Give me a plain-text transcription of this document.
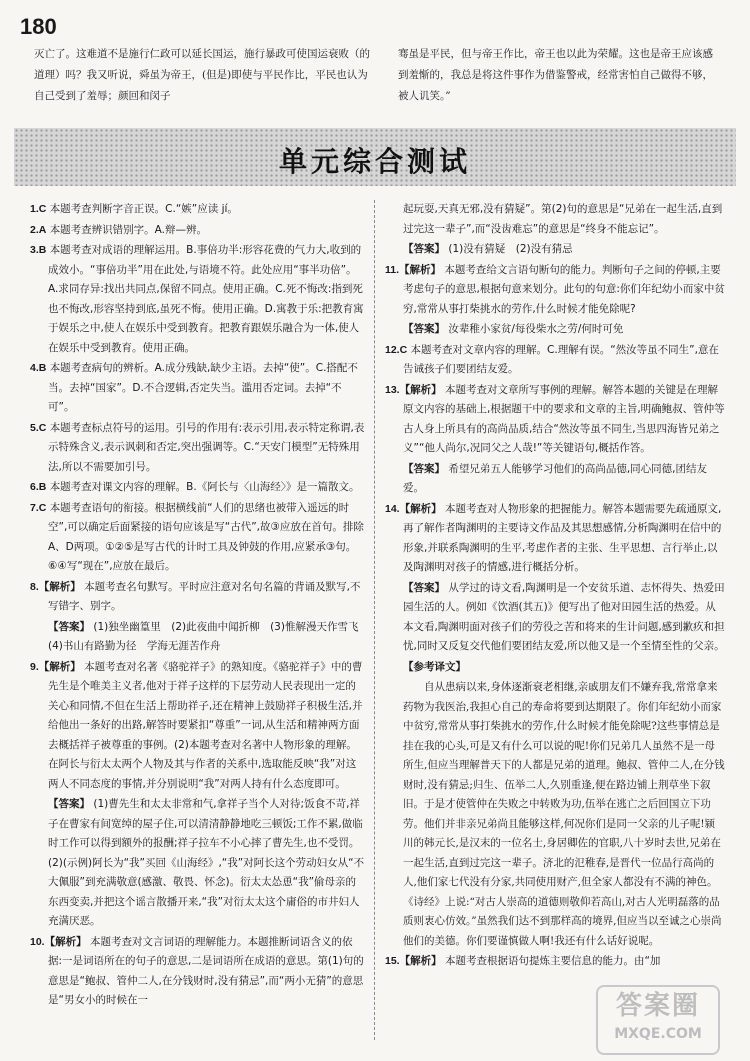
180
灭亡了。这难道不是施行仁政可以延长国运，施行暴政可使国运衰败（的道理）吗？我又听说，舜虽为帝王，(但是)即使与平民作比，平民也认为自己受到了羞辱；颜回和闵子
骞虽是平民，但与帝王作比，帝王也以此为荣耀。这也是帝王应该感到羞惭的，我总是将这件事作为借鉴警戒，经常害怕自己做得不够，被人讥笑。”
单元综合测试
1.C 本题考查判断字音正误。C.“嫉”应读 jí。
2.A 本题考查辨识错别字。A.辩—辨。
3.B 本题考查对成语的理解运用。B.事倍功半:形容花费的气力大,收到的成效小。“事倍功半”用在此处,与语境不符。此处应用“事半功倍”。A.求同存异:找出共同点,保留不同点。使用正确。C.死不悔改:指到死也不悔改,形容坚持到底,虽死不悔。使用正确。D.寓教于乐:把教育寓于娱乐之中,使人在娱乐中受到教育。把教育跟娱乐融合为一体,使人在娱乐中受到教育。使用正确。
4.B 本题考查病句的辨析。A.成分残缺,缺少主语。去掉“使”。C.搭配不当。去掉“国家”。D.不合逻辑,否定失当。滥用否定词。去掉“不可”。
5.C 本题考查标点符号的运用。引号的作用有:表示引用,表示特定称谓,表示特殊含义,表示讽刺和否定,突出强调等。C.“天安门模型”无特殊用法,所以不需要加引号。
6.B 本题考查对课文内容的理解。B.《阿长与〈山海经〉》是一篇散文。
7.C 本题考查语句的衔接。根据横线前“人们的思绪也被带入遥远的时空”,可以确定后面紧接的语句应该是写“古代”,故③应放在首句。排除A、D两项。①②⑤是写古代的计时工具及钟鼓的作用,应紧承③句。⑥④写“现在”,应放在最后。
8.【解析】 本题考查名句默写。平时应注意对名句名篇的背诵及默写,不写错字、别字。
【答案】 (1)独坐幽篁里　(2)此夜曲中闻折柳　(3)惟解漫天作雪飞　(4)书山有路勤为径　学海无涯苦作舟
9.【解析】 本题考查对名著《骆驼祥子》的熟知度。《骆驼祥子》中的曹先生是个唯美主义者,他对于祥子这样的下层劳动人民表现出一定的关心和同情,不但在生活上帮助祥子,还在精神上鼓励祥子积极生活,并给他出一条好的出路,解答时要紧扣“尊重”一词,从生活和精神两方面去概括祥子被尊重的事例。(2)本题考查对名著中人物形象的理解。在阿长与衍太太两个人物及其与作者的关系中,选取能反映“我”对这两人不同态度的事情,并分别说明“我”对两人持有什么态度即可。
【答案】 (1)曹先生和太太非常和气,拿祥子当个人对待;饭食不苛,祥子在曹家有间宽绰的屋子住,可以清清静静地吃三顿饭;工作不累,做临时工作可以得到额外的报酬;祥子拉车不小心摔了曹先生,也不受罚。(2)(示例)阿长为“我”买回《山海经》,“我”对阿长这个劳动妇女从“不大佩服”到充满敬意(感激、敬畏、怀念)。衍太太怂恿“我”偷母亲的东西变卖,并把这个谣言散播开来,“我”对衍太太这个庸俗的市井妇人充满厌恶。
10.【解析】 本题考查对文言词语的理解能力。本题推断词语含义的依据:一是词语所在的句子的意思,二是词语所在成语的意思。第(1)句的意思是“鲍叔、管仲二人,在分钱财时,没有猜忌”,而“两小无猜”的意思是“男女小的时候在一
起玩耍,天真无邪,没有猜疑”。第(2)句的意思是“兄弟在一起生活,直到过完这一辈子”,而“没齿难忘”的意思是“终身不能忘记”。
【答案】 (1)没有猜疑　(2)没有猜忌
11.【解析】 本题考查给文言语句断句的能力。判断句子之间的停顿,主要考虑句子的意思,根据句意来划分。此句的句意:你们年纪幼小而家中贫穷,常常从事打柴挑水的劳作,什么时候才能免除呢?
【答案】 汝辈稚小家贫/每役柴水之劳/何时可免
12.C 本题考查对文章内容的理解。C.理解有误。“然汝等虽不同生”,意在告诫孩子们要团结友爱。
13.【解析】 本题考查对文章所写事例的理解。解答本题的关键是在理解原文内容的基础上,根据题干中的要求和文章的主旨,明确鲍叔、管仲等古人身上所具有的高尚品质,结合“然汝等虽不同生,当思四海皆兄弟之义”“他人尚尔,况同父之人哉!”等关键语句,概括作答。
【答案】 希望兄弟五人能够学习他们的高尚品德,同心同德,团结友爱。
14.【解析】 本题考查对人物形象的把握能力。解答本题需要先疏通原文,再了解作者陶渊明的主要诗文作品及其思想感情,分析陶渊明在信中的形象,并联系陶渊明的生平,考虑作者的主张、生平思想、言行举止,以及陶渊明对孩子的情感,进行概括分析。
【答案】 从学过的诗文看,陶渊明是一个安贫乐道、志怀得失、热爱田园生活的人。例如《饮酒(其五)》便写出了他对田园生活的热爱。从本文看,陶渊明面对孩子们的劳役之苦和将来的生计问题,感到歉疚和担忧,同时又反复交代他们要团结友爱,所以他又是一个至情至性的父亲。
【参考译文】
自从患病以来,身体逐渐衰老相继,亲戚朋友们不嫌弃我,常常拿来药物为我医治,我担心自己的寿命将要到达期限了。你们年纪幼小而家中贫穷,常常从事打柴挑水的劳作,什么时候才能免除呢?这些事情总是挂在我的心头,可是又有什么可以说的呢!你们兄弟几人虽然不是一母所生,但应当理解普天下的人都是兄弟的道理。鲍叔、管仲二人,在分钱财时,没有猜忌;归生、伍举二人,久别重逢,便在路边铺上荆草坐下叙旧。于是才使管仲在失败之中转败为功,伍举在逃亡之后回国立下功劳。他们并非亲兄弟尚且能够这样,何况你们是同一父亲的儿子呢!颍川的韩元长,是汉末的一位名士,身居卿佐的官职,八十岁时去世,兄弟在一起生活,直到过完这一辈子。济北的氾稚春,是晋代一位品行高尚的人,他们家七代没有分家,共同使用财产,但全家人都没有不满的神色。《诗经》上说:“对古人崇高的道德则敬仰若高山,对古人光明磊落的品质则衷心仿效。”虽然我们达不到那样高的境界,但应当以至诚之心崇尚他们的美德。你们要谨慎做人啊!我还有什么话好说呢。
15.【解析】 本题考查根据语句提炼主要信息的能力。由“加
答案圈
MXQE.COM
